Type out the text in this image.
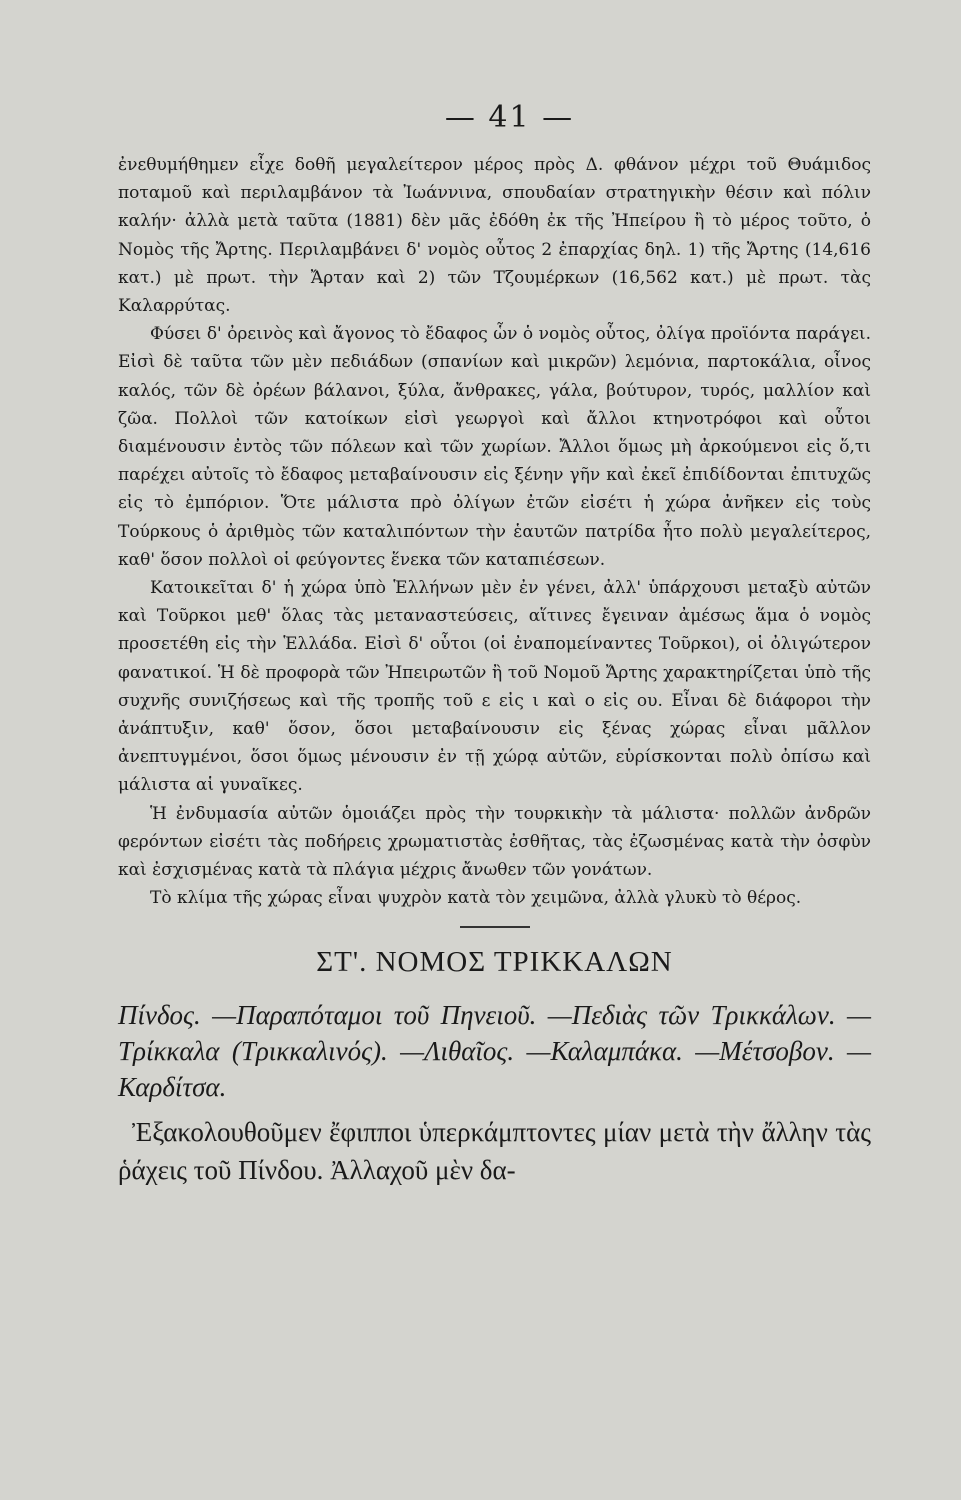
— 41 —

ἐνεθυμήθημεν εἶχε δοθῆ μεγαλείτερον μέρος πρὸς Δ. φθάνον μέχρι τοῦ Θυάμιδος ποταμοῦ καὶ περιλαμβάνον τὰ Ἰωάννινα, σπουδαίαν στρατηγικὴν θέσιν καὶ πόλιν καλήν· ἀλλὰ μετὰ ταῦτα (1881) δὲν μᾶς ἐδόθη ἐκ τῆς Ἠπείρου ἢ τὸ μέρος τοῦτο, ὁ Νομὸς τῆς Ἄρτης. Περιλαμβάνει δ' νομὸς οὗτος 2 ἐπαρχίας δηλ. 1) τῆς Ἄρτης (14,616 κατ.) μὲ πρωτ. τὴν Ἄρταν καὶ 2) τῶν Τζουμέρκων (16,562 κατ.) μὲ πρωτ. τὰς Καλαρρύτας.

Φύσει δ' ὀρεινὸς καὶ ἄγονος τὸ ἔδαφος ὧν ὁ νομὸς οὗτος, ὀλίγα προϊόντα παράγει. Εἰσὶ δὲ ταῦτα τῶν μὲν πεδιάδων (σπανίων καὶ μικρῶν) λεμόνια, παρτοκάλια, οἶνος καλός, τῶν δὲ ὀρέων βάλανοι, ξύλα, ἄνθρακες, γάλα, βούτυρον, τυρός, μαλλίον καὶ ζῶα. Πολλοὶ τῶν κατοίκων εἰσὶ γεωργοὶ καὶ ἄλλοι κτηνοτρόφοι καὶ οὗτοι διαμένουσιν ἐντὸς τῶν πόλεων καὶ τῶν χωρίων. Ἄλλοι ὅμως μὴ ἀρκούμενοι εἰς ὅ,τι παρέχει αὐτοῖς τὸ ἔδαφος μεταβαίνουσιν εἰς ξένην γῆν καὶ ἐκεῖ ἐπιδίδονται ἐπιτυχῶς εἰς τὸ ἐμπόριον. Ὅτε μάλιστα πρὸ ὀλίγων ἐτῶν εἰσέτι ἡ χώρα ἀνῆκεν εἰς τοὺς Τούρκους ὁ ἀριθμὸς τῶν καταλιπόντων τὴν ἑαυτῶν πατρίδα ἦτο πολὺ μεγαλείτερος, καθ' ὅσον πολλοὶ οἱ φεύγοντες ἕνεκα τῶν καταπιέσεων.

Κατοικεῖται δ' ἡ χώρα ὑπὸ Ἑλλήνων μὲν ἐν γένει, ἀλλ' ὑπάρχουσι μεταξὺ αὐτῶν καὶ Τοῦρκοι μεθ' ὅλας τὰς μεταναστεύσεις, αἵτινες ἔγειναν ἀμέσως ἅμα ὁ νομὸς προσετέθη εἰς τὴν Ἑλλάδα. Εἰσὶ δ' οὗτοι (οἱ ἐναπομείναντες Τοῦρκοι), οἱ ὀλιγώτερον φανατικοί. Ἡ δὲ προφορὰ τῶν Ἠπειρωτῶν ἢ τοῦ Νομοῦ Ἄρτης χαρακτηρίζεται ὑπὸ τῆς συχνῆς συνιζήσεως καὶ τῆς τροπῆς τοῦ ε εἰς ι καὶ ο εἰς ου. Εἶναι δὲ διάφοροι τὴν ἀνάπτυξιν, καθ' ὅσον, ὅσοι μεταβαίνουσιν εἰς ξένας χώρας εἶναι μᾶλλον ἀνεπτυγμένοι, ὅσοι ὅμως μένουσιν ἐν τῇ χώρᾳ αὐτῶν, εὑρίσκονται πολὺ ὀπίσω καὶ μάλιστα αἱ γυναῖκες.

Ἡ ἐνδυμασία αὐτῶν ὁμοιάζει πρὸς τὴν τουρκικὴν τὰ μάλιστα· πολλῶν ἀνδρῶν φερόντων εἰσέτι τὰς ποδήρεις χρωματιστὰς ἐσθῆτας, τὰς ἐζωσμένας κατὰ τὴν ὀσφὺν καὶ ἐσχισμένας κατὰ τὰ πλάγια μέχρις ἄνωθεν τῶν γονάτων.

Τὸ κλίμα τῆς χώρας εἶναι ψυχρὸν κατὰ τὸν χειμῶνα, ἀλλὰ γλυκὺ τὸ θέρος.

ΣΤ'. ΝΟΜΟΣ ΤΡΙΚΚΑΛΩΝ

Πίνδος. —Παραπόταμοι τοῦ Πηνειοῦ. —Πεδιὰς τῶν Τρικκάλων. —Τρίκκαλα (Τρικκαλινός). —Λιθαῖος. —Καλαμπάκα. —Μέτσοβον. —Καρδίτσα.

Ἐξακολουθοῦμεν ἔφιπποι ὑπερκάμπτοντες μίαν μετὰ τὴν ἄλλην τὰς ῥάχεις τοῦ Πίνδου. Ἀλλαχοῦ μὲν δα-
